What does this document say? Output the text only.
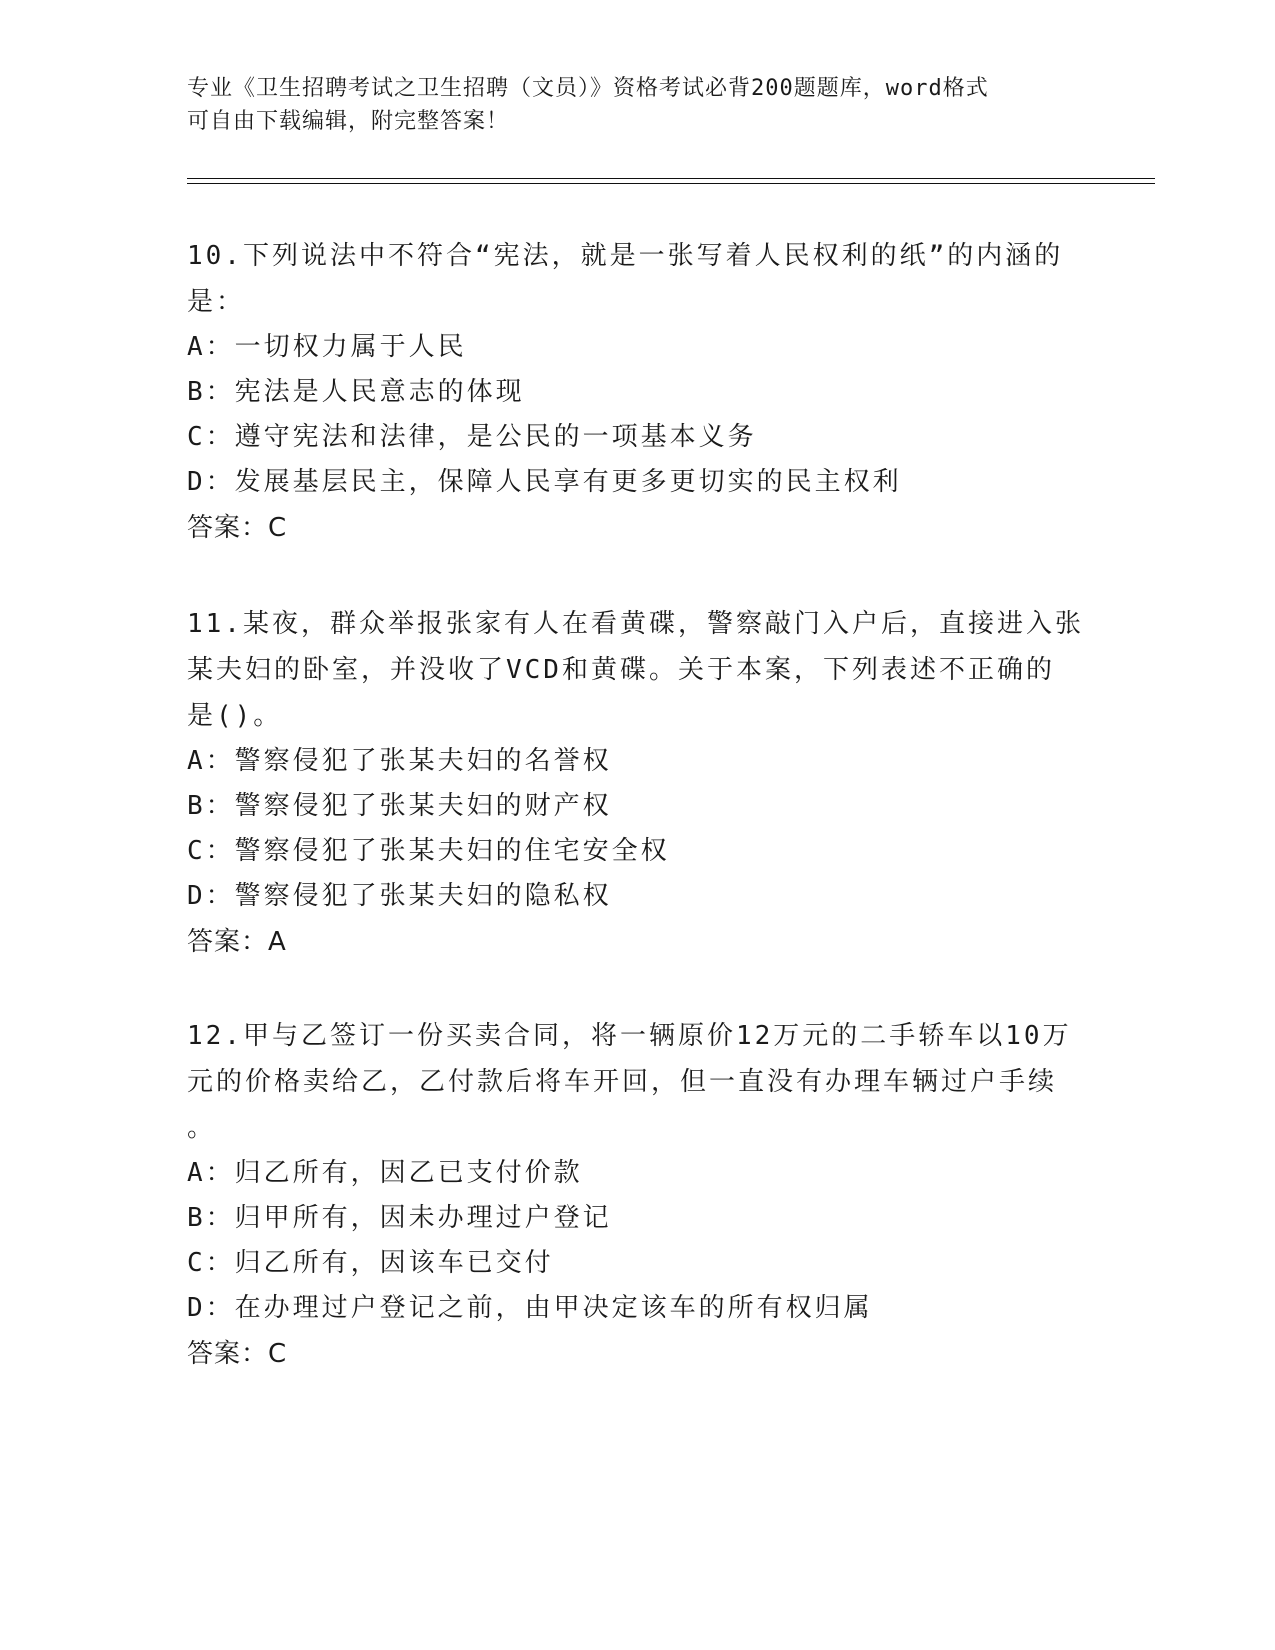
专业《卫生招聘考试之卫生招聘（文员）》资格考试必背200题题库，word格式
可自由下载编辑，附完整答案！
10.下列说法中不符合“宪法，就是一张写着人民权利的纸”的内涵的
是：
A：一切权力属于人民
B：宪法是人民意志的体现
C：遵守宪法和法律，是公民的一项基本义务
D：发展基层民主，保障人民享有更多更切实的民主权利
答案：C
11.某夜，群众举报张家有人在看黄碟，警察敲门入户后，直接进入张
某夫妇的卧室，并没收了VCD和黄碟。关于本案，下列表述不正确的
是()。
A：警察侵犯了张某夫妇的名誉权
B：警察侵犯了张某夫妇的财产权
C：警察侵犯了张某夫妇的住宅安全权
D：警察侵犯了张某夫妇的隐私权
答案：A
12.甲与乙签订一份买卖合同，将一辆原价12万元的二手轿车以10万
元的价格卖给乙，乙付款后将车开回，但一直没有办理车辆过户手续
。
A：归乙所有，因乙已支付价款
B：归甲所有，因未办理过户登记
C：归乙所有，因该车已交付
D：在办理过户登记之前，由甲决定该车的所有权归属
答案：C
